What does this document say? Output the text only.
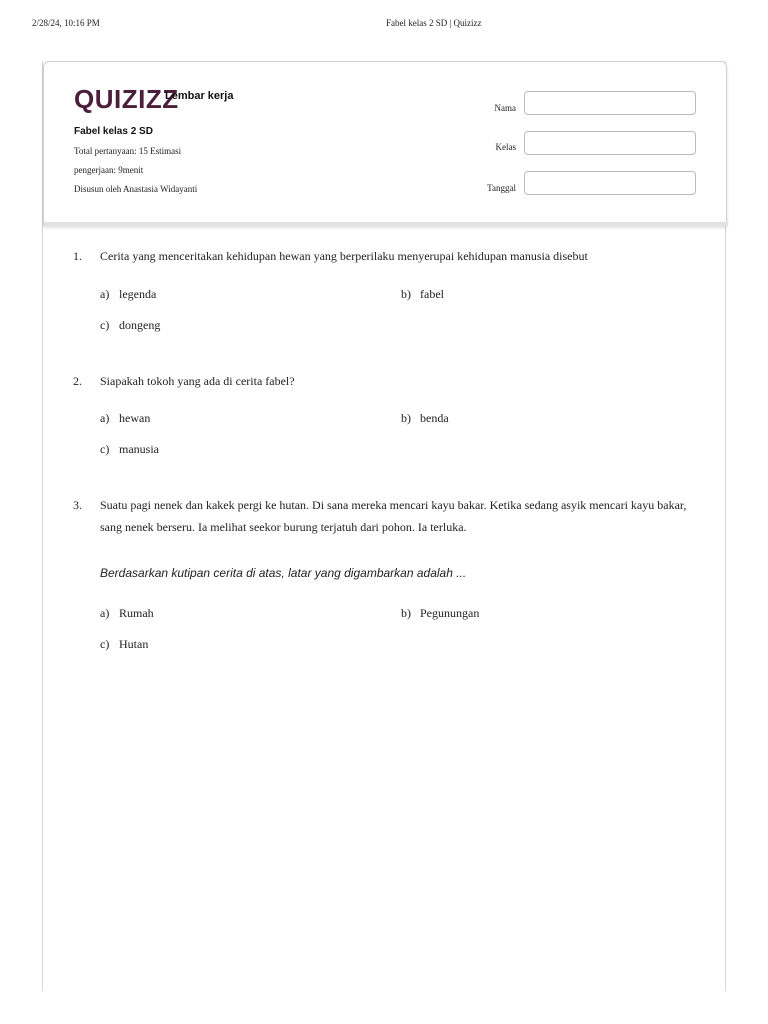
2/28/24, 10:16 PM	Fabel kelas 2 SD | Quizizz
QUIZIZZ
Lembar kerja
Fabel kelas 2 SD
Total pertanyaan: 15 Estimasi
pengerjaan: 9menit
Disusun oleh Anastasia Widayanti
Nama
Kelas
Tanggal
1. Cerita yang menceritakan kehidupan hewan yang berperilaku menyerupai kehidupan manusia disebut
a) legenda	b) fabel
c) dongeng
2. Siapakah tokoh yang ada di cerita fabel?
a) hewan	b) benda
c) manusia
3. Suatu pagi nenek dan kakek pergi ke hutan. Di sana mereka mencari kayu bakar. Ketika sedang asyik mencari kayu bakar, sang nenek berseru. Ia melihat seekor burung terjatuh dari pohon. Ia terluka.
Berdasarkan kutipan cerita di atas, latar yang digambarkan adalah ...
a) Rumah	b) Pegunungan
c) Hutan
